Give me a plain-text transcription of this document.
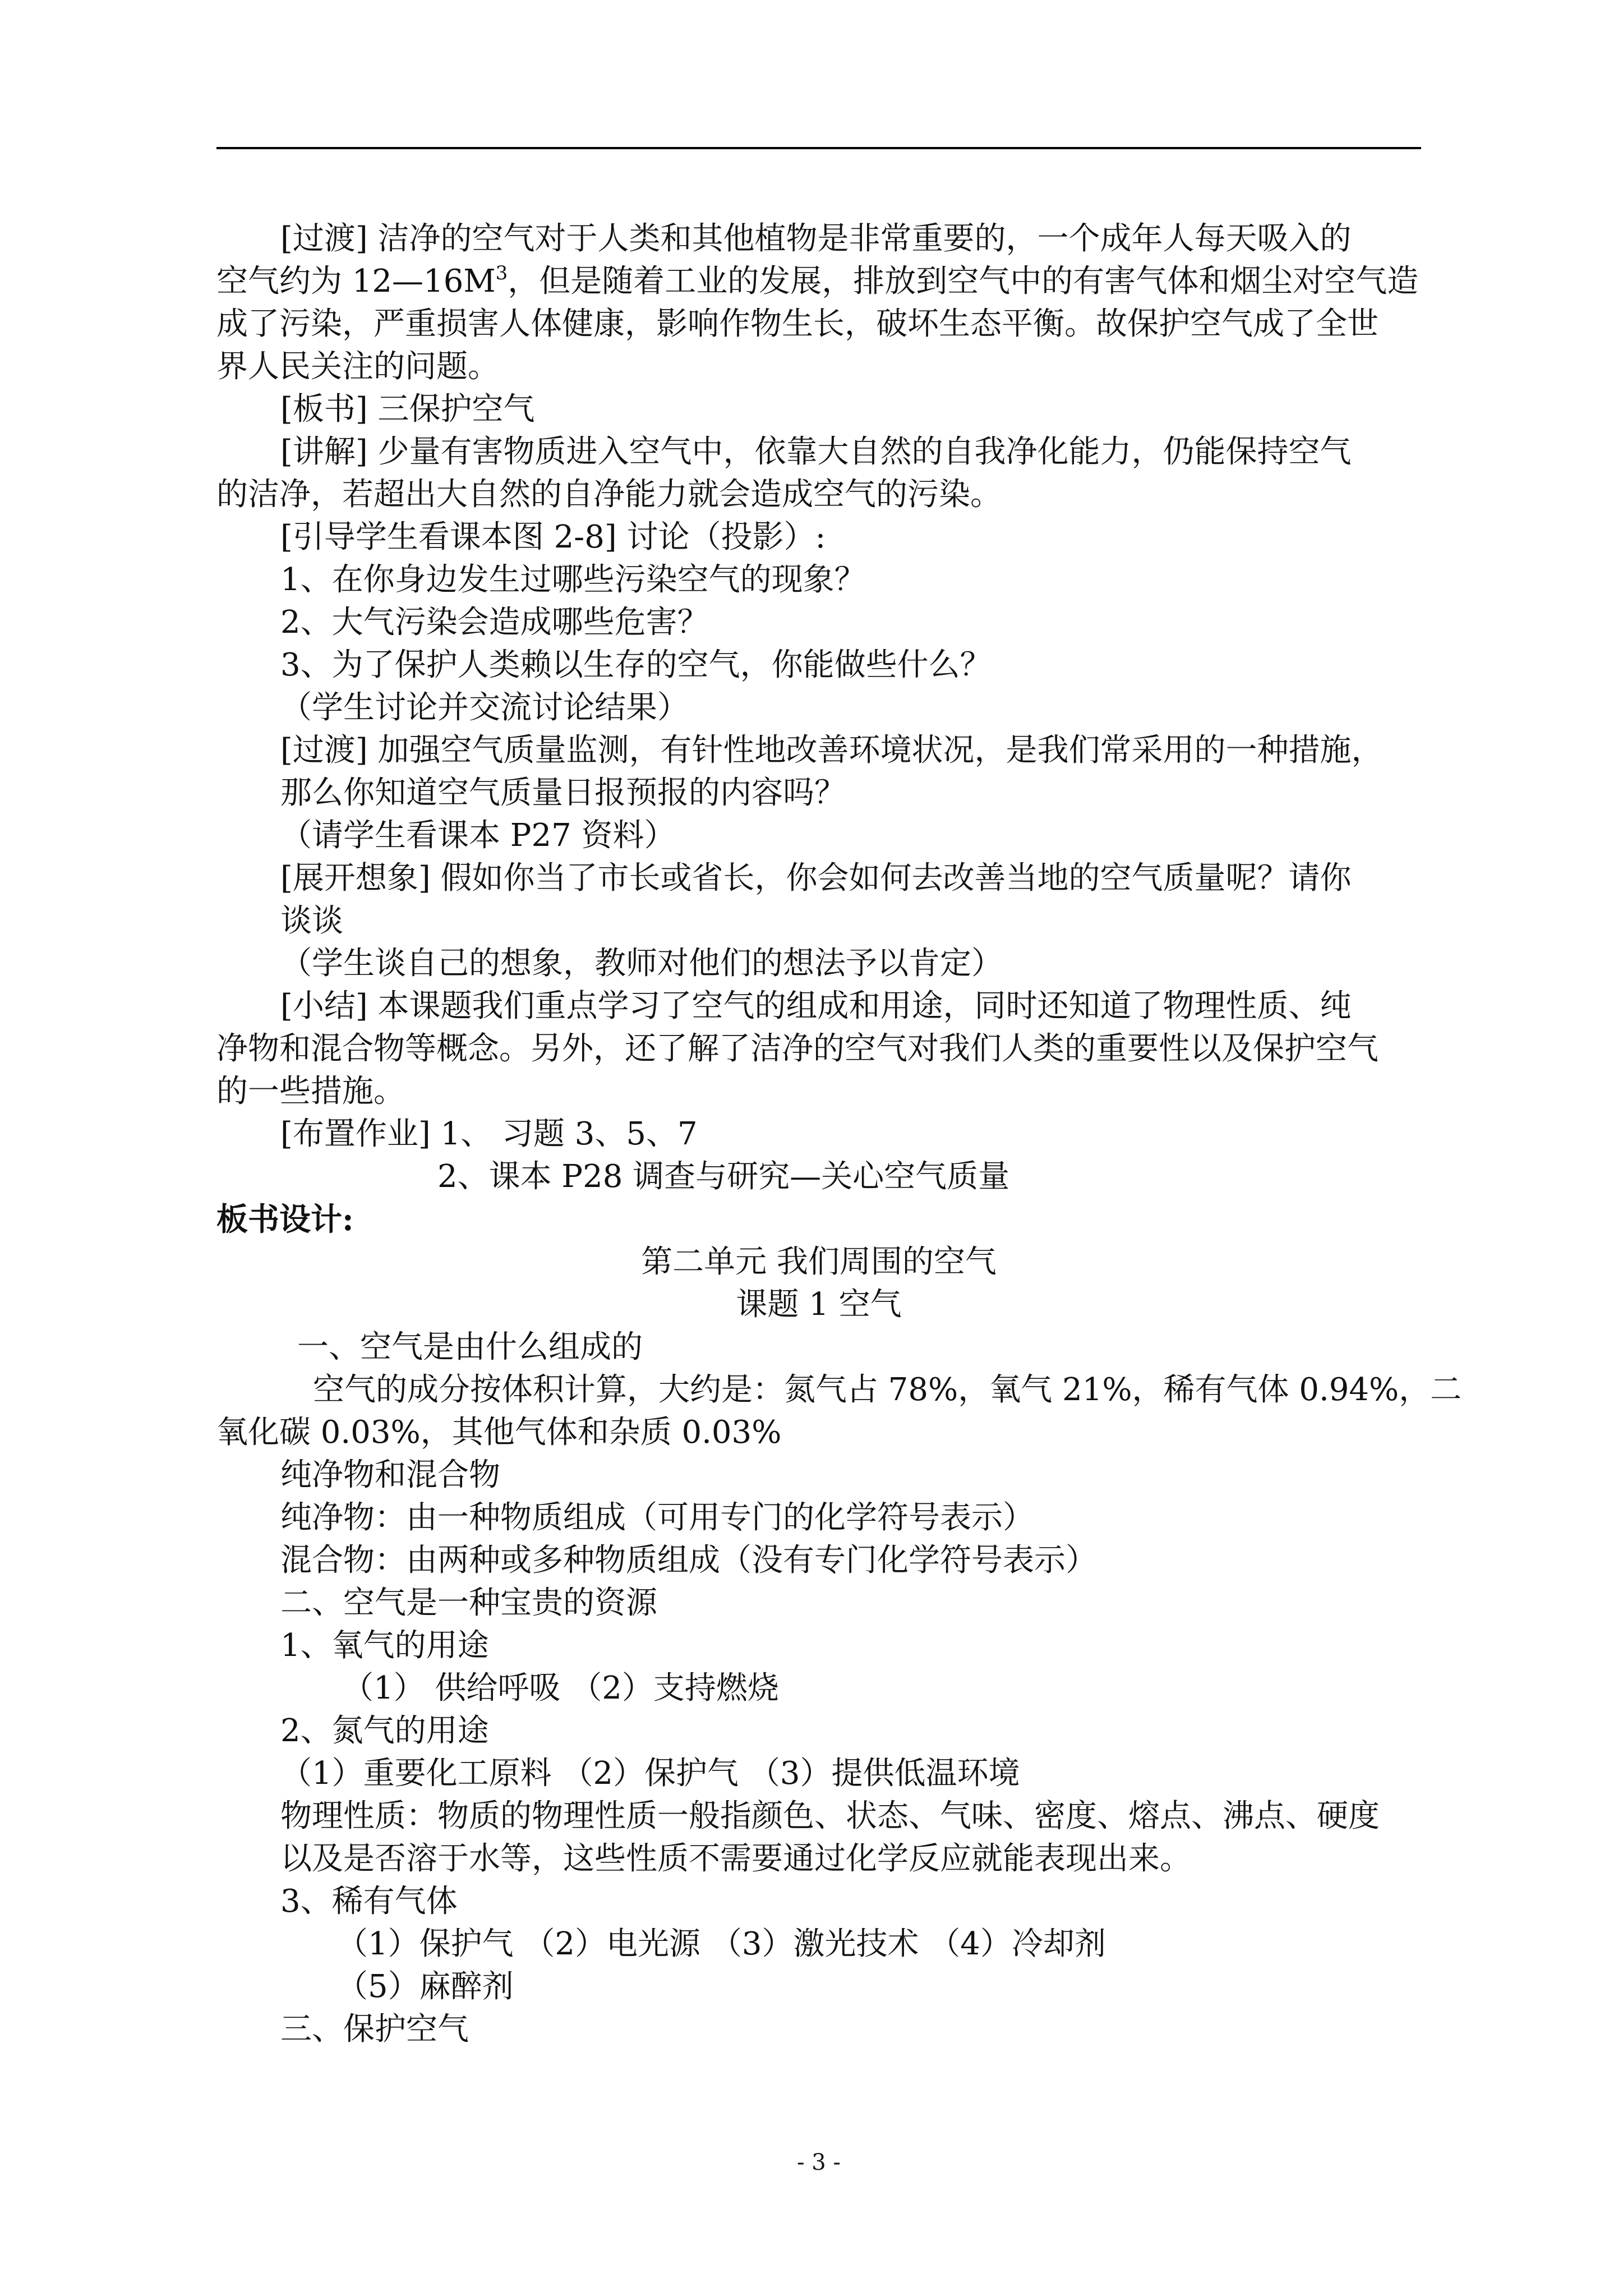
[过渡] 洁净的空气对于人类和其他植物是非常重要的，一个成年人每天吸入的
空气约为 $12—16M^3$，但是随着工业的发展，排放到空气中的有害气体和烟尘对空气造
成了污染，严重损害人体健康，影响作物生长，破坏生态平衡。故保护空气成了全世
界人民关注的问题。
[板书] 三保护空气
[讲解] 少量有害物质进入空气中，依靠大自然的自我净化能力，仍能保持空气
的洁净，若超出大自然的自净能力就会造成空气的污染。
[引导学生看课本图 2-8] 讨论（投影）:
1、在你身边发生过哪些污染空气的现象？
2、大气污染会造成哪些危害？
3、为了保护人类赖以生存的空气，你能做些什么？
（学生讨论并交流讨论结果）
[过渡] 加强空气质量监测，有针性地改善环境状况，是我们常采用的一种措施，
那么你知道空气质量日报预报的内容吗？
（请学生看课本 P27 资料）
[展开想象] 假如你当了市长或省长，你会如何去改善当地的空气质量呢？请你
谈谈
（学生谈自己的想象，教师对他们的想法予以肯定）
[小结] 本课题我们重点学习了空气的组成和用途，同时还知道了物理性质、纯
净物和混合物等概念。另外，还了解了洁净的空气对我们人类的重要性以及保护空气
的一些措施。
[布置作业] 1、 习题 3、5、7
2、课本 P28 调查与研究—关心空气质量
板书设计:
第二单元 我们周围的空气
课题 1 空气
一、空气是由什么组成的
空气的成分按体积计算，大约是：氮气占 78%，氧气 21%，稀有气体 0.94%，二
氧化碳 0.03%，其他气体和杂质 0.03%
纯净物和混合物
纯净物：由一种物质组成（可用专门的化学符号表示）
混合物：由两种或多种物质组成（没有专门化学符号表示）
二、空气是一种宝贵的资源
1、氧气的用途
（1） 供给呼吸 （2）支持燃烧
2、氮气的用途
（1）重要化工原料 （2）保护气 （3）提供低温环境
物理性质：物质的物理性质一般指颜色、状态、气味、密度、熔点、沸点、硬度
以及是否溶于水等，这些性质不需要通过化学反应就能表现出来。
3、稀有气体
（1）保护气 （2）电光源 （3）激光技术 （4）冷却剂
（5）麻醉剂
三、保护空气
- 3 -
